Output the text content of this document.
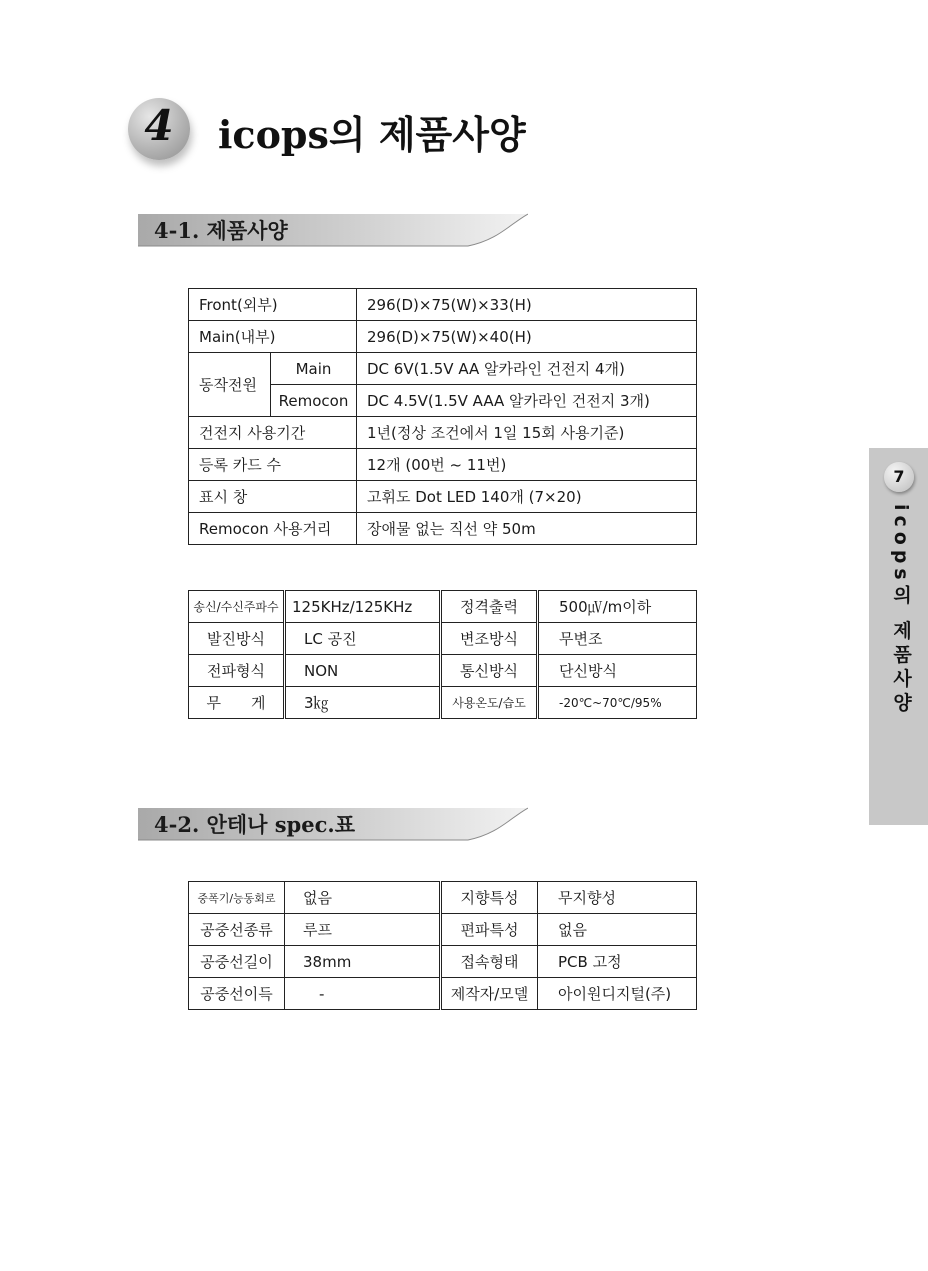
4	icops의 제품사양
4-1. 제품사양
Front(외부)		296(D)×75(W)×33(H)
Main(내부)		296(D)×75(W)×40(H)
동작전원	Main	DC 6V(1.5V AA 알카라인 건전지 4개)
	Remocon	DC 4.5V(1.5V AAA 알카라인 건전지 3개)
건전지 사용기간		1년(정상 조건에서 1일 15회 사용기준)
등록 카드 수		12개 (00번 ~ 11번)
표시 창		고휘도 Dot LED 140개 (7×20)
Remocon 사용거리		장애물 없는 직선 약 50m
송신/수신주파수	125KHz/125KHz	정격출력	500㎶/m이하
발진방식	LC 공진	변조방식	무변조
전파형식	NON	통신방식	단신방식
무　　게	3㎏	사용온도/습도	-20℃~70℃/95%
4-2. 안테나 spec.표
중폭기/능동회로	없음	지향특성	무지향성
공중선종류	루프	편파특성	없음
공중선길이	38mm	접속형태	PCB 고정
공중선이득	-	제작자/모델	아이원디지털(주)
7
icops의 제품사양
